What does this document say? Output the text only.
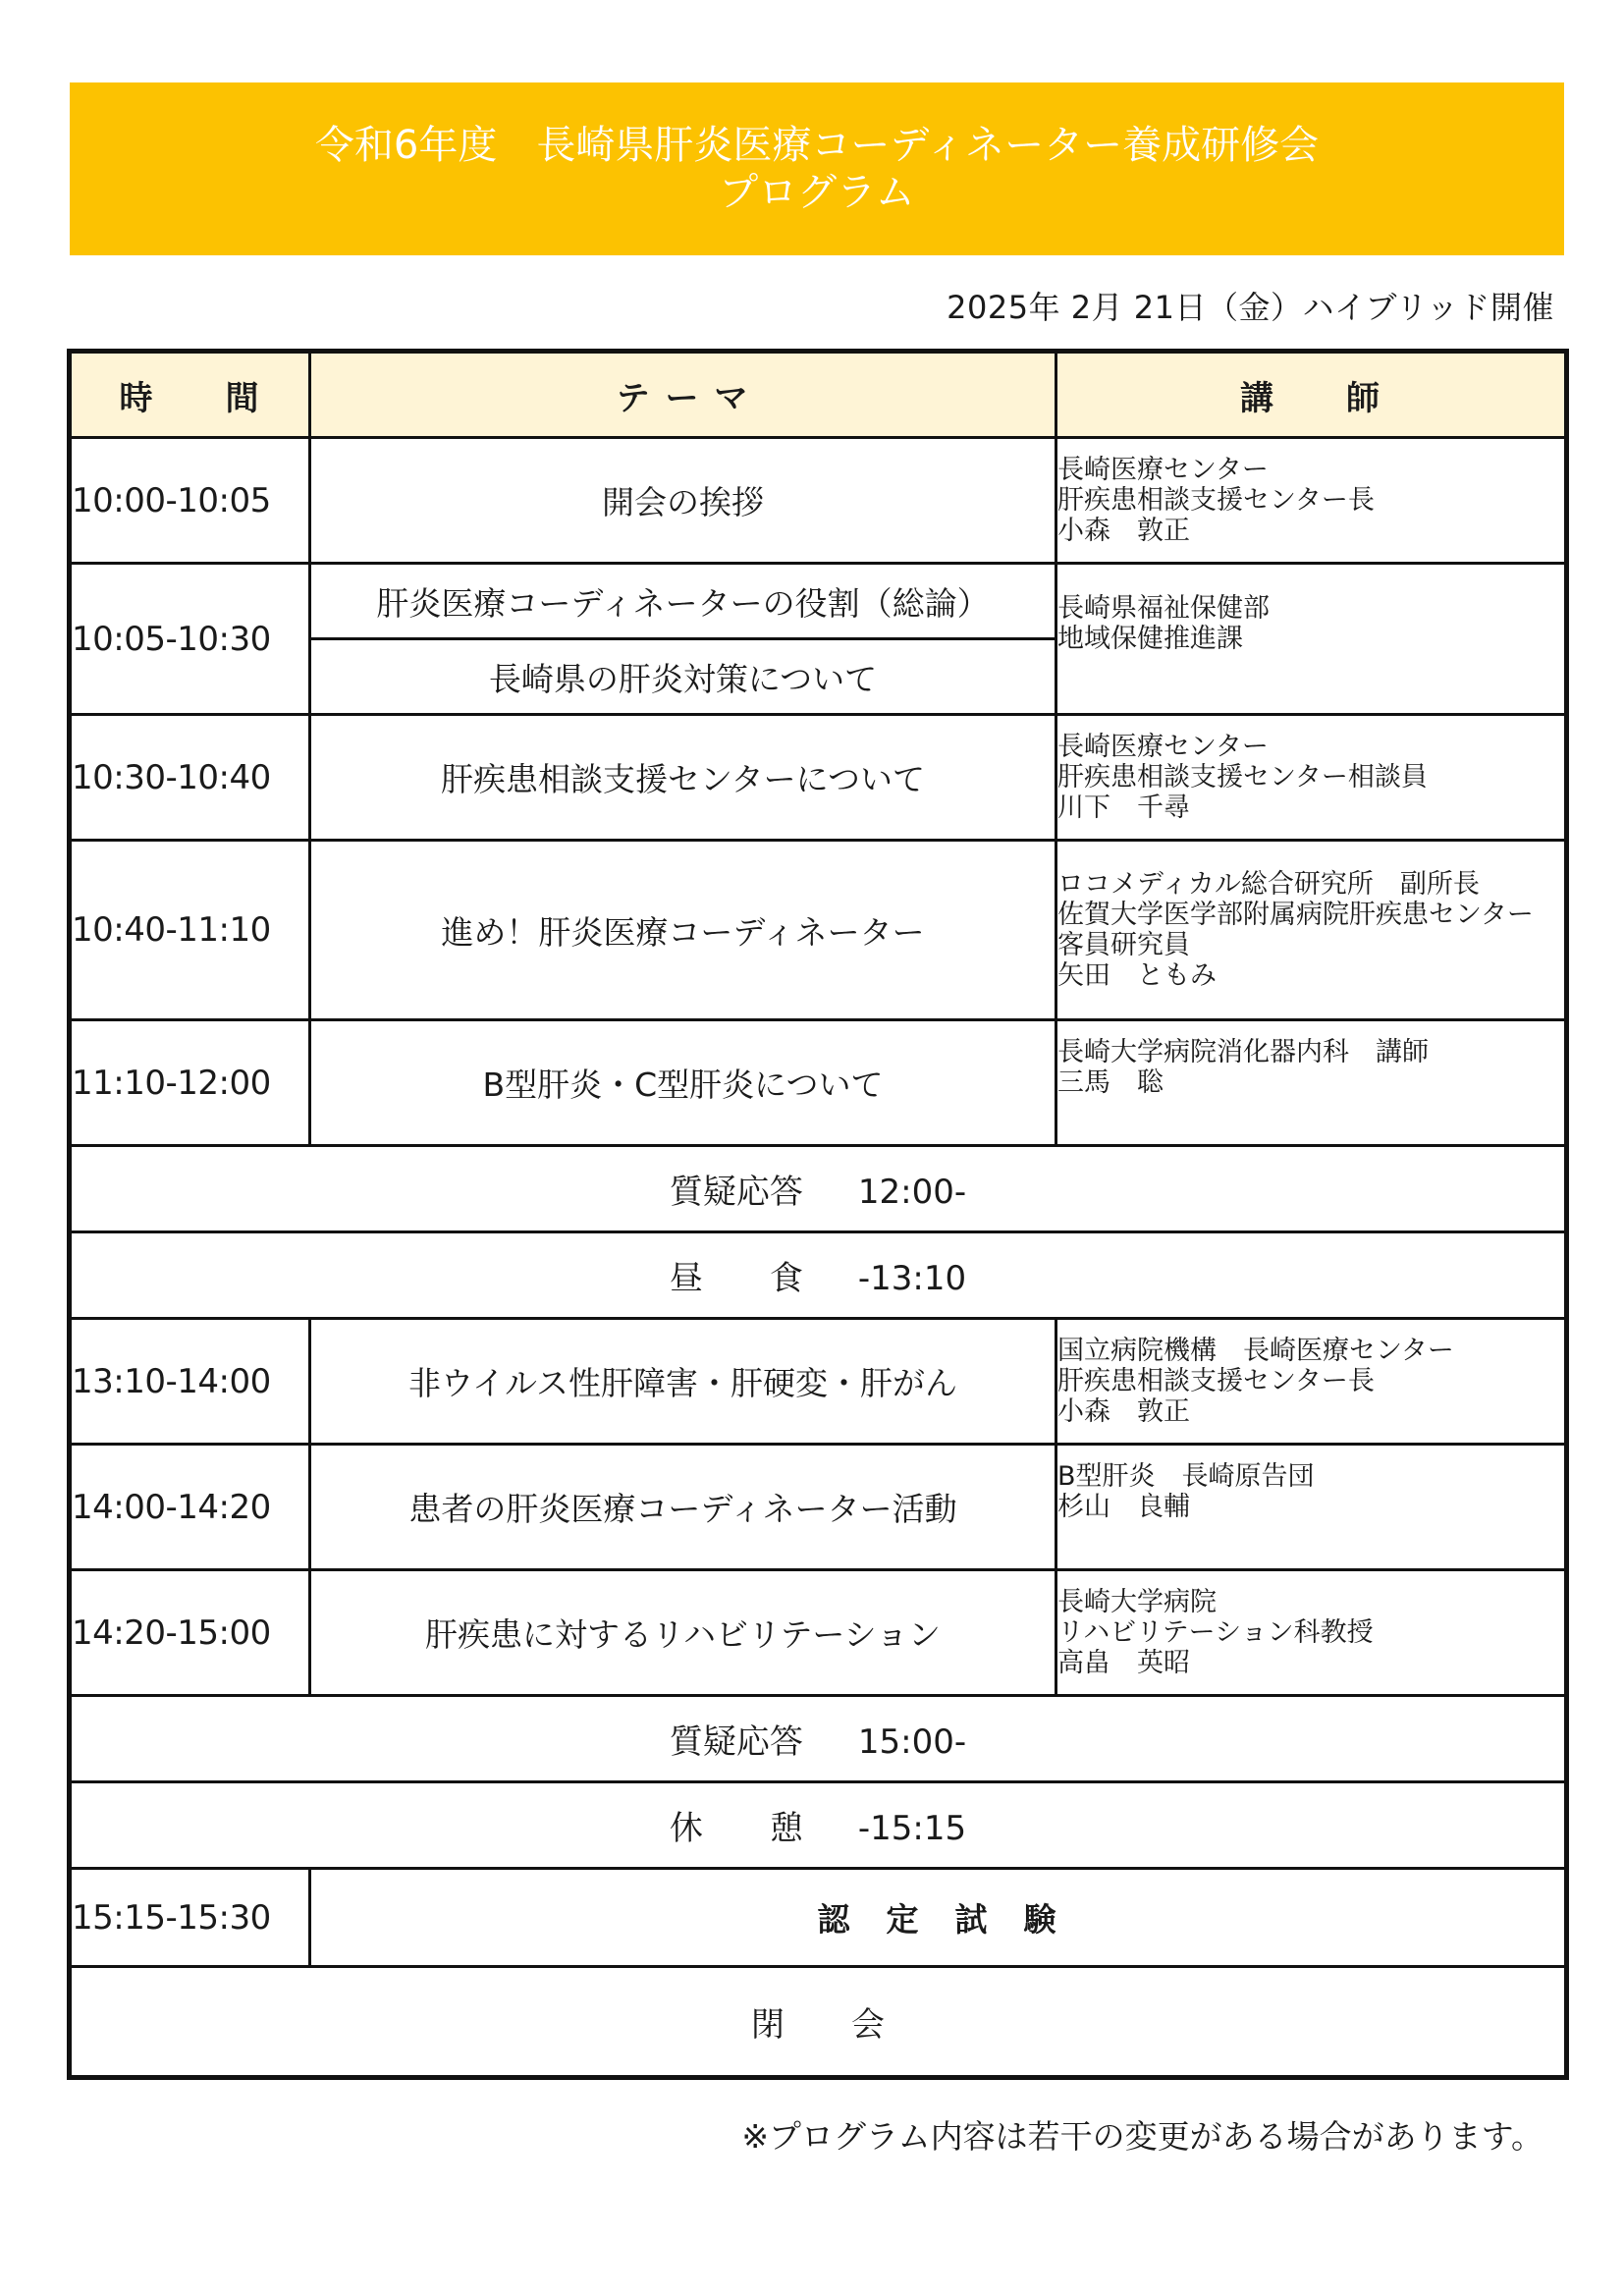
令和6年度　長崎県肝炎医療コーディネーター養成研修会
プログラム
2025年 2月 21日（金）ハイブリッド開催
時　　間	テ ー マ	講　　師
10:00-10:05	開会の挨拶	長崎医療センター
肝疾患相談支援センター長
小森　敦正

10:05-10:30	肝炎医療コーディネーターの役割（総論）	長崎県福祉保健部
地域保健推進課

	長崎県の肝炎対策について	
10:30-10:40	肝疾患相談支援センターについて	長崎医療センター
肝疾患相談支援センター相談員
川下　千尋

10:40-11:10	進め！肝炎医療コーディネーター	ロコメディカル総合研究所　副所長
佐賀大学医学部附属病院肝疾患センター
客員研究員
矢田　ともみ

11:10-12:00	B型肝炎・C型肝炎について	長崎大学病院消化器内科　講師
三馬　聡

質疑応答 12:00-		
昼　　食 -13:10		
13:10-14:00	非ウイルス性肝障害・肝硬変・肝がん	国立病院機構　長崎医療センター
肝疾患相談支援センター長
小森　敦正

14:00-14:20	患者の肝炎医療コーディネーター活動	B型肝炎　長崎原告団
杉山　良輔

14:20-15:00	肝疾患に対するリハビリテーション	長崎大学病院
リハビリテーション科教授
高畠　英昭

質疑応答 15:00-		
休　　憩 -15:15		
15:15-15:30	認　定　試　験	
閉　　会		
※プログラム内容は若干の変更がある場合があります。
